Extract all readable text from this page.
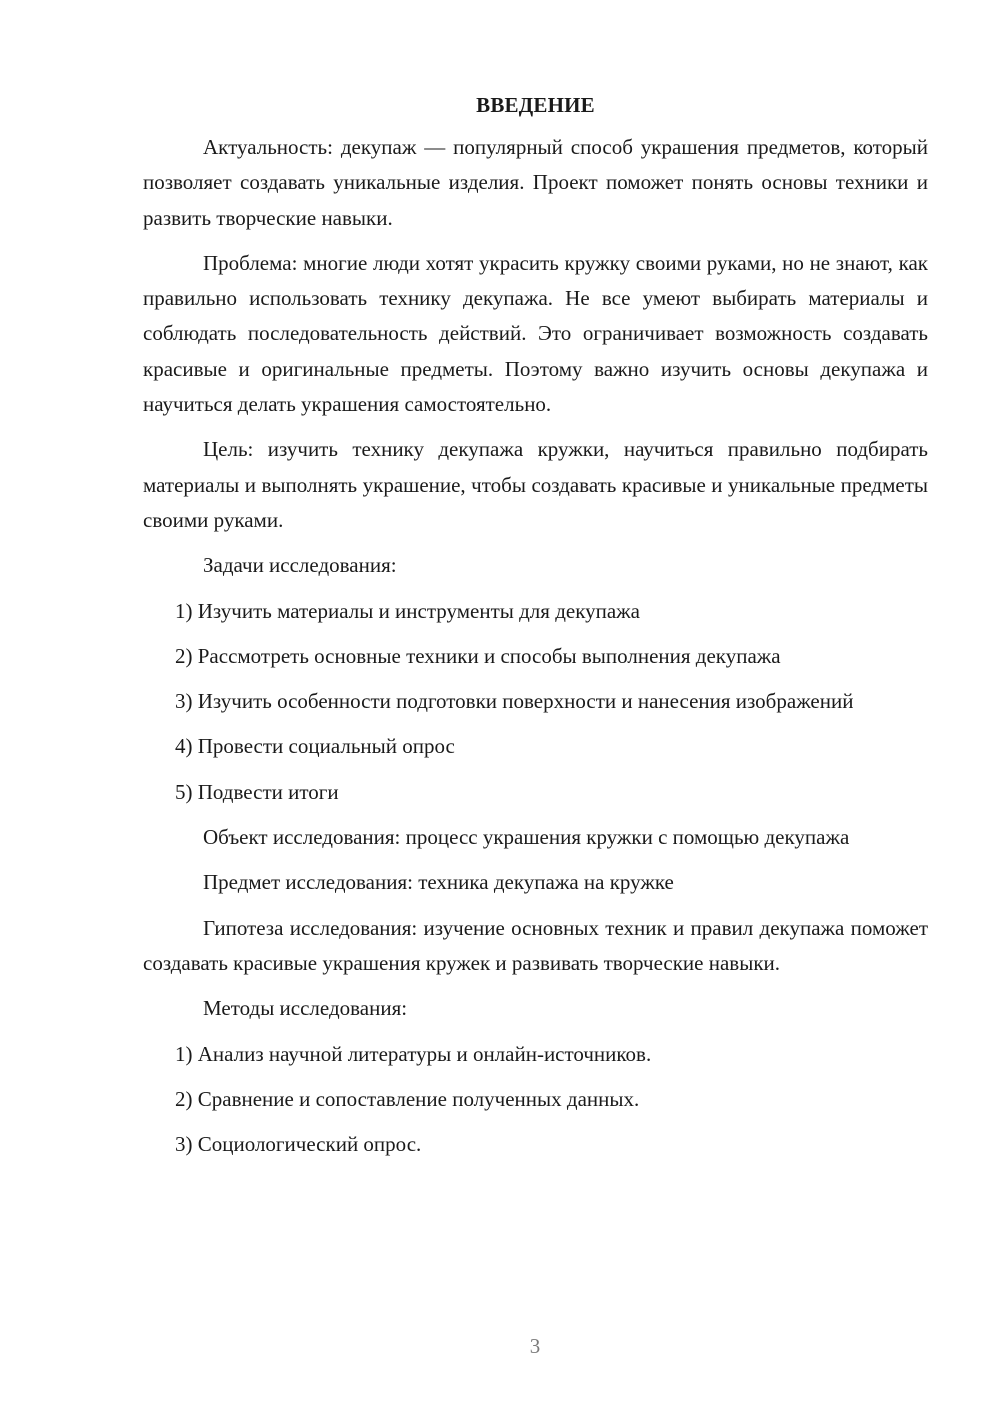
ВВЕДЕНИЕ
Актуальность: декупаж — популярный способ украшения предметов, который позволяет создавать уникальные изделия. Проект поможет понять основы техники и развить творческие навыки.
Проблема: многие люди хотят украсить кружку своими руками, но не знают, как правильно использовать технику декупажа. Не все умеют выбирать материалы и соблюдать последовательность действий. Это ограничивает возможность создавать красивые и оригинальные предметы. Поэтому важно изучить основы декупажа и научиться делать украшения самостоятельно.
Цель: изучить технику декупажа кружки, научиться правильно подбирать материалы и выполнять украшение, чтобы создавать красивые и уникальные предметы своими руками.
Задачи исследования:
1) Изучить материалы и инструменты для декупажа
2) Рассмотреть основные техники и способы выполнения декупажа
3) Изучить особенности подготовки поверхности и нанесения изображений
4) Провести социальный опрос
5) Подвести итоги
Объект исследования: процесс украшения кружки с помощью декупажа
Предмет исследования: техника декупажа на кружке
Гипотеза исследования: изучение основных техник и правил декупажа поможет создавать красивые украшения кружек и развивать творческие навыки.
Методы исследования:
1) Анализ научной литературы и онлайн-источников.
2) Сравнение и сопоставление полученных данных.
3) Социологический опрос.
3
